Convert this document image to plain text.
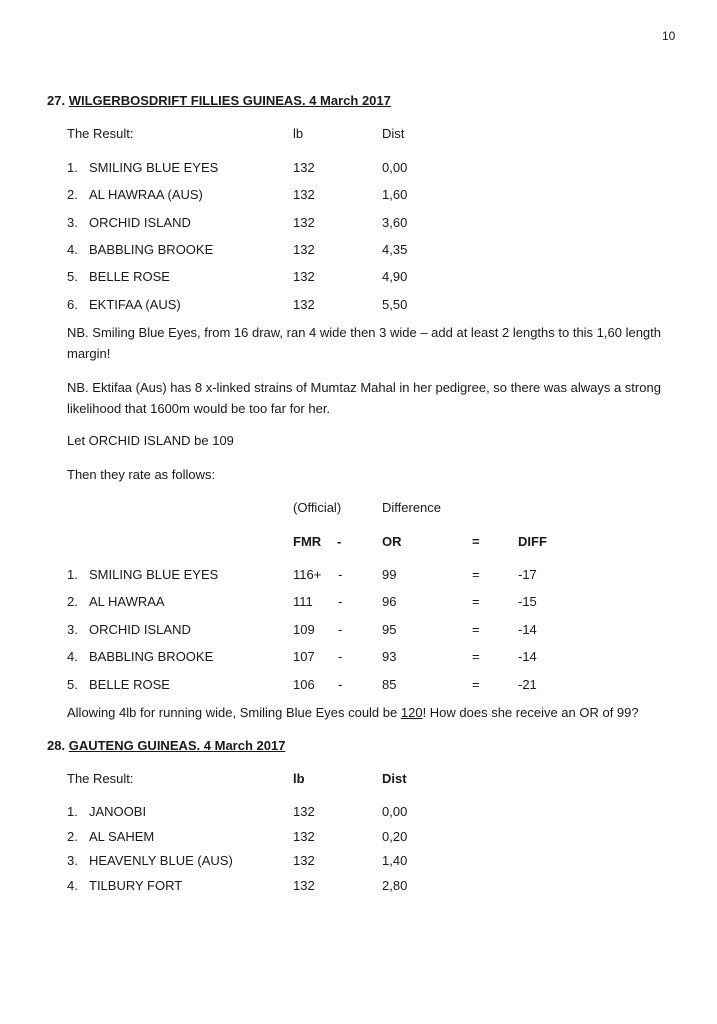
10
27. WILGERBOSDRIFT FILLIES GUINEAS. 4 March 2017
The Result:	lb	Dist
1. SMILING BLUE EYES	132	0,00
2. AL HAWRAA (AUS)	132	1,60
3. ORCHID ISLAND	132	3,60
4. BABBLING BROOKE	132	4,35
5. BELLE ROSE	132	4,90
6. EKTIFAA (AUS)	132	5,50
NB. Smiling Blue Eyes, from 16 draw, ran 4 wide then 3 wide – add at least 2 lengths to this 1,60 length margin!
NB. Ektifaa (Aus) has 8 x-linked strains of Mumtaz Mahal in her pedigree, so there was always a strong likelihood that 1600m would be too far for her.
Let ORCHID ISLAND be 109
Then they rate as follows:
(Official)	Difference
FMR -	OR	=	DIFF
1. SMILING BLUE EYES	116+ -	99	=	-17
2. AL HAWRAA	111 -	96	=	-15
3. ORCHID ISLAND	109 -	95	=	-14
4. BABBLING BROOKE	107 -	93	=	-14
5. BELLE ROSE	106 -	85	=	-21
Allowing 4lb for running wide, Smiling Blue Eyes could be 120! How does she receive an OR of 99?
28. GAUTENG GUINEAS. 4 March 2017
The Result:	lb	Dist
1. JANOOBI	132	0,00
2. AL SAHEM	132	0,20
3. HEAVENLY BLUE (AUS)	132	1,40
4. TILBURY FORT	132	2,80
